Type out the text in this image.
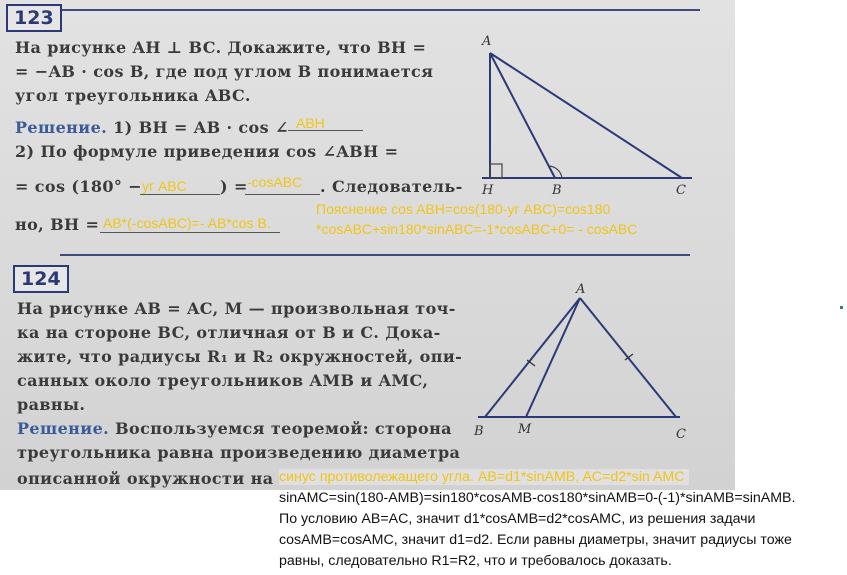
123
На рисунке AH ⊥ BC. Докажите, что BH =
= −AB · cos B, где под углом B понимается
угол треугольника ABC.
Решение. 1) BH = AB · cos ∠ ABH
2) По формуле приведения cos ∠ABH =
= cos (180° − уг ABC ) = -cosABC . Следователь-
но, BH = AB*(-cosABC)=- AB*cos B.
Пояснение cos ABH=cos(180-уг ABC)=cos180
*cosABC+sin180*sinABC=-1*cosABC+0= - cosABC
A
H	B	C
124
На рисунке AB = AC, M — произвольная точ-
ка на стороне BC, отличная от B и C. Дока-
жите, что радиусы R₁ и R₂ окружностей, опи-
санных около треугольников AMB и AMC,
равны.
Решение. Воспользуемся теоремой: сторона
треугольника равна произведению диаметра
описанной окружности на
A
B	M	C
синус противолежащего угла. AB=d1*sinAMB, AC=d2*sin AMC
sinAMC=sin(180-AMB)=sin180*cosAMB-cos180*sinAMB=0-(-1)*sinAMB=sinAMB.
По условию AB=AC, значит d1*cosAMB=d2*cosAMC, из решения задачи
cosAMB=cosAMC, значит d1=d2. Если равны диаметры, значит радиусы тоже
равны, следовательно R1=R2, что и требовалось доказать.
